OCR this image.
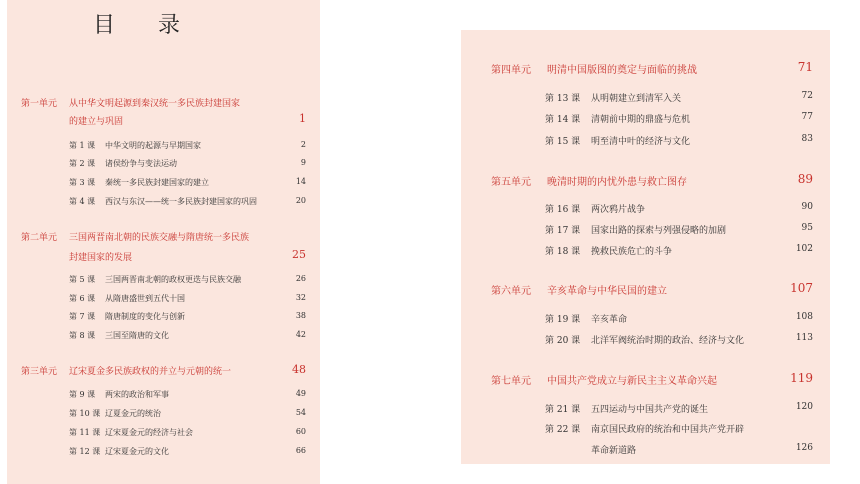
目 录
第一单元 从中华文明起源到秦汉统一多民族封建国家
的建立与巩固	1
第 1 课 中华文明的起源与早期国家	2
第 2 课 诸侯纷争与变法运动	9
第 3 课 秦统一多民族封建国家的建立	14
第 4 课 西汉与东汉——统一多民族封建国家的巩固	20
第二单元 三国两晋南北朝的民族交融与隋唐统一多民族
封建国家的发展	25
第 5 课 三国两晋南北朝的政权更迭与民族交融	26
第 6 课 从隋唐盛世到五代十国	32
第 7 课 隋唐制度的变化与创新	38
第 8 课 三国至隋唐的文化	42
第三单元 辽宋夏金多民族政权的并立与元朝的统一	48
第 9 课 两宋的政治和军事	49
第 10 课 辽夏金元的统治	54
第 11 课 辽宋夏金元的经济与社会	60
第 12 课 辽宋夏金元的文化	66
第四单元 明清中国版图的奠定与面临的挑战	71
第 13 课 从明朝建立到清军入关	72
第 14 课 清朝前中期的鼎盛与危机	77
第 15 课 明至清中叶的经济与文化	83
第五单元 晚清时期的内忧外患与救亡图存	89
第 16 课 两次鸦片战争	90
第 17 课 国家出路的探索与列强侵略的加剧	95
第 18 课 挽救民族危亡的斗争	102
第六单元 辛亥革命与中华民国的建立	107
第 19 课 辛亥革命	108
第 20 课 北洋军阀统治时期的政治、经济与文化	113
第七单元 中国共产党成立与新民主主义革命兴起	119
第 21 课 五四运动与中国共产党的诞生	120
第 22 课 南京国民政府的统治和中国共产党开辟
革命新道路	126
